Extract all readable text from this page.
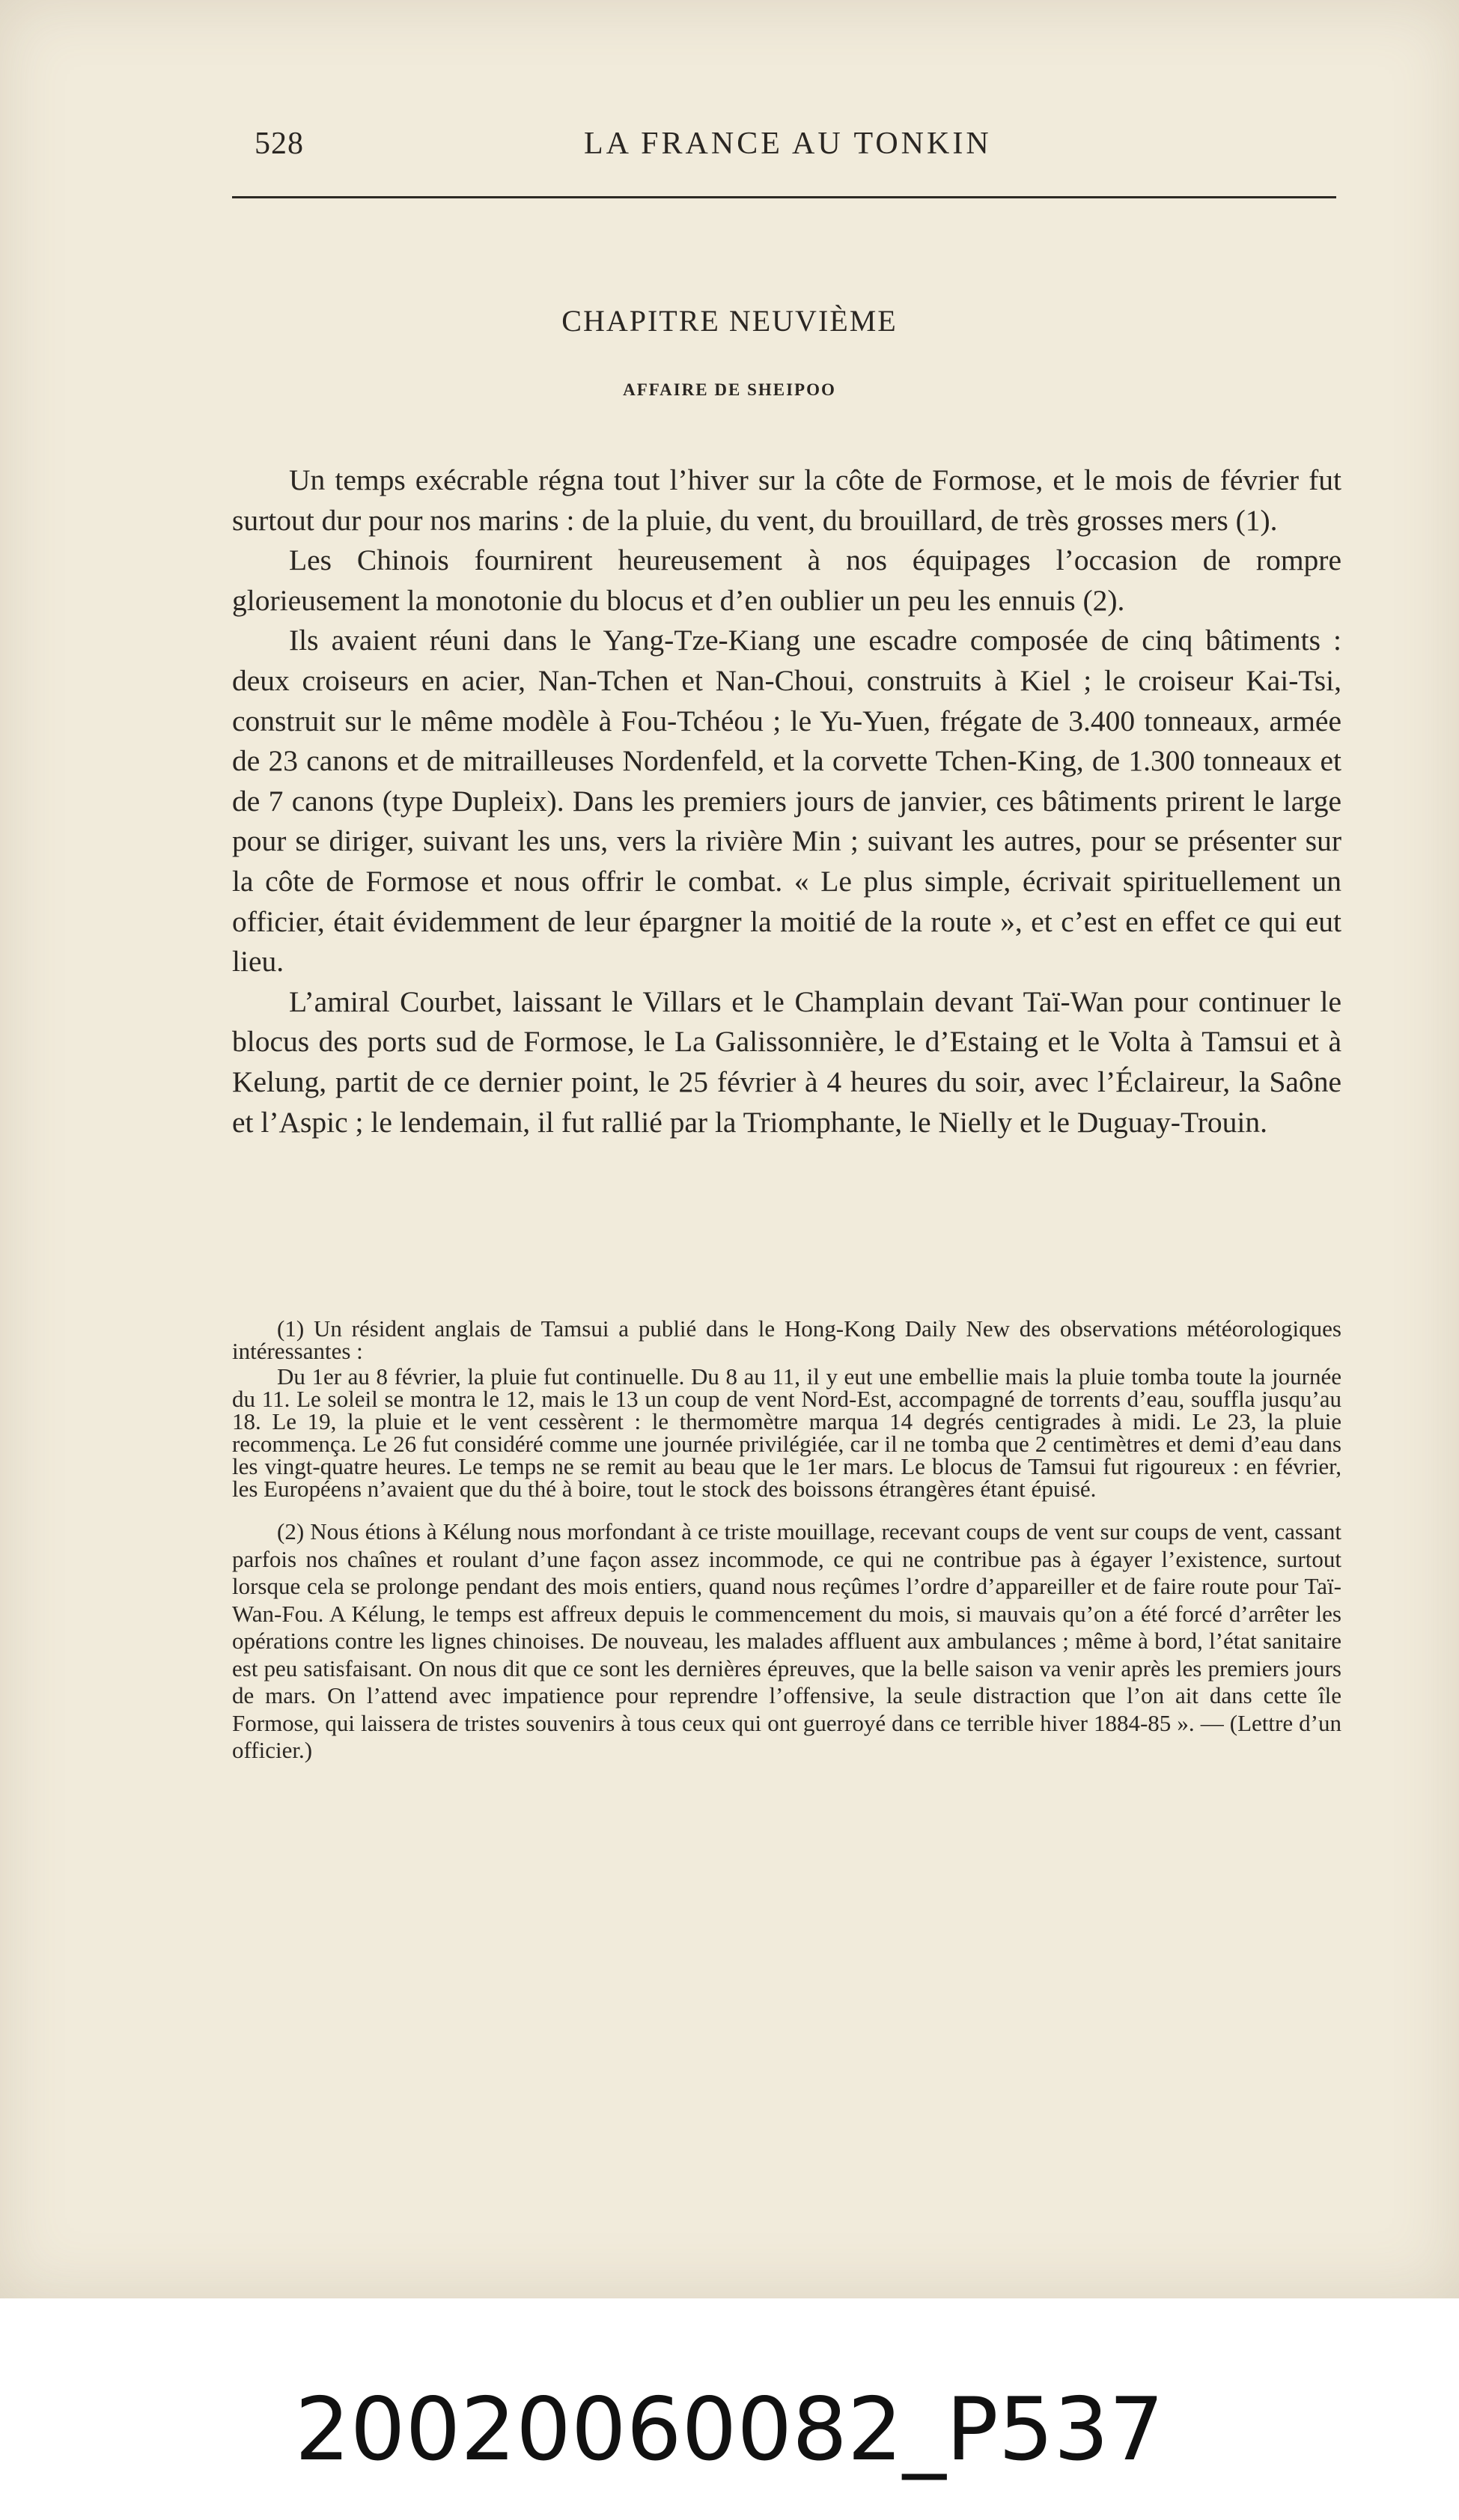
528	LA FRANCE AU TONKIN
CHAPITRE NEUVIÈME
AFFAIRE DE SHEIPOO

Un temps exécrable régna tout l’hiver sur la côte de Formose, et le mois de février fut surtout dur pour nos marins : de la pluie, du vent, du brouillard, de très grosses mers (1).

Les Chinois fournirent heureusement à nos équipages l’occasion de rompre glorieusement la monotonie du blocus et d’en oublier un peu les ennuis (2).

Ils avaient réuni dans le Yang-Tze-Kiang une escadre composée de cinq bâtiments : deux croiseurs en acier, Nan-Tchen et Nan-Choui, construits à Kiel ; le croiseur Kai-Tsi, construit sur le même modèle à Fou-Tchéou ; le Yu-Yuen, frégate de 3.400 tonneaux, armée de 23 canons et de mitrailleuses Nordenfeld, et la corvette Tchen-King, de 1.300 tonneaux et de 7 canons (type Dupleix). Dans les premiers jours de janvier, ces bâtiments prirent le large pour se diriger, suivant les uns, vers la rivière Min ; suivant les autres, pour se présenter sur la côte de Formose et nous offrir le combat. « Le plus simple, écrivait spirituellement un officier, était évidemment de leur épargner la moitié de la route », et c’est en effet ce qui eut lieu.

L’amiral Courbet, laissant le Villars et le Champlain devant Taï-Wan pour continuer le blocus des ports sud de Formose, le La Galissonnière, le d’Estaing et le Volta à Tamsui et à Kelung, partit de ce dernier point, le 25 février à 4 heures du soir, avec l’Éclaireur, la Saône et l’Aspic ; le lendemain, il fut rallié par la Triomphante, le Nielly et le Duguay-Trouin.

(1) Un résident anglais de Tamsui a publié dans le Hong-Kong Daily New des observations météorologiques intéressantes :

Du 1er au 8 février, la pluie fut continuelle. Du 8 au 11, il y eut une embellie mais la pluie tomba toute la journée du 11. Le soleil se montra le 12, mais le 13 un coup de vent Nord-Est, accompagné de torrents d’eau, souffla jusqu’au 18. Le 19, la pluie et le vent cessèrent : le thermomètre marqua 14 degrés centigrades à midi. Le 23, la pluie recommença. Le 26 fut considéré comme une journée privilégiée, car il ne tomba que 2 centimètres et demi d’eau dans les vingt-quatre heures. Le temps ne se remit au beau que le 1er mars. Le blocus de Tamsui fut rigoureux : en février, les Européens n’avaient que du thé à boire, tout le stock des boissons étrangères étant épuisé.

(2) Nous étions à Kélung nous morfondant à ce triste mouillage, recevant coups de vent sur coups de vent, cassant parfois nos chaînes et roulant d’une façon assez incommode, ce qui ne contribue pas à égayer l’existence, surtout lorsque cela se prolonge pendant des mois entiers, quand nous reçûmes l’ordre d’appareiller et de faire route pour Taï-Wan-Fou. A Kélung, le temps est affreux depuis le commencement du mois, si mauvais qu’on a été forcé d’arrêter les opérations contre les lignes chinoises. De nouveau, les malades affluent aux ambulances ; même à bord, l’état sanitaire est peu satisfaisant. On nous dit que ce sont les dernières épreuves, que la belle saison va venir après les premiers jours de mars. On l’attend avec impatience pour reprendre l’offensive, la seule distraction que l’on ait dans cette île Formose, qui laissera de tristes souvenirs à tous ceux qui ont guerroyé dans ce terrible hiver 1884-85 ». — (Lettre d’un officier.)

20020060082_P537
